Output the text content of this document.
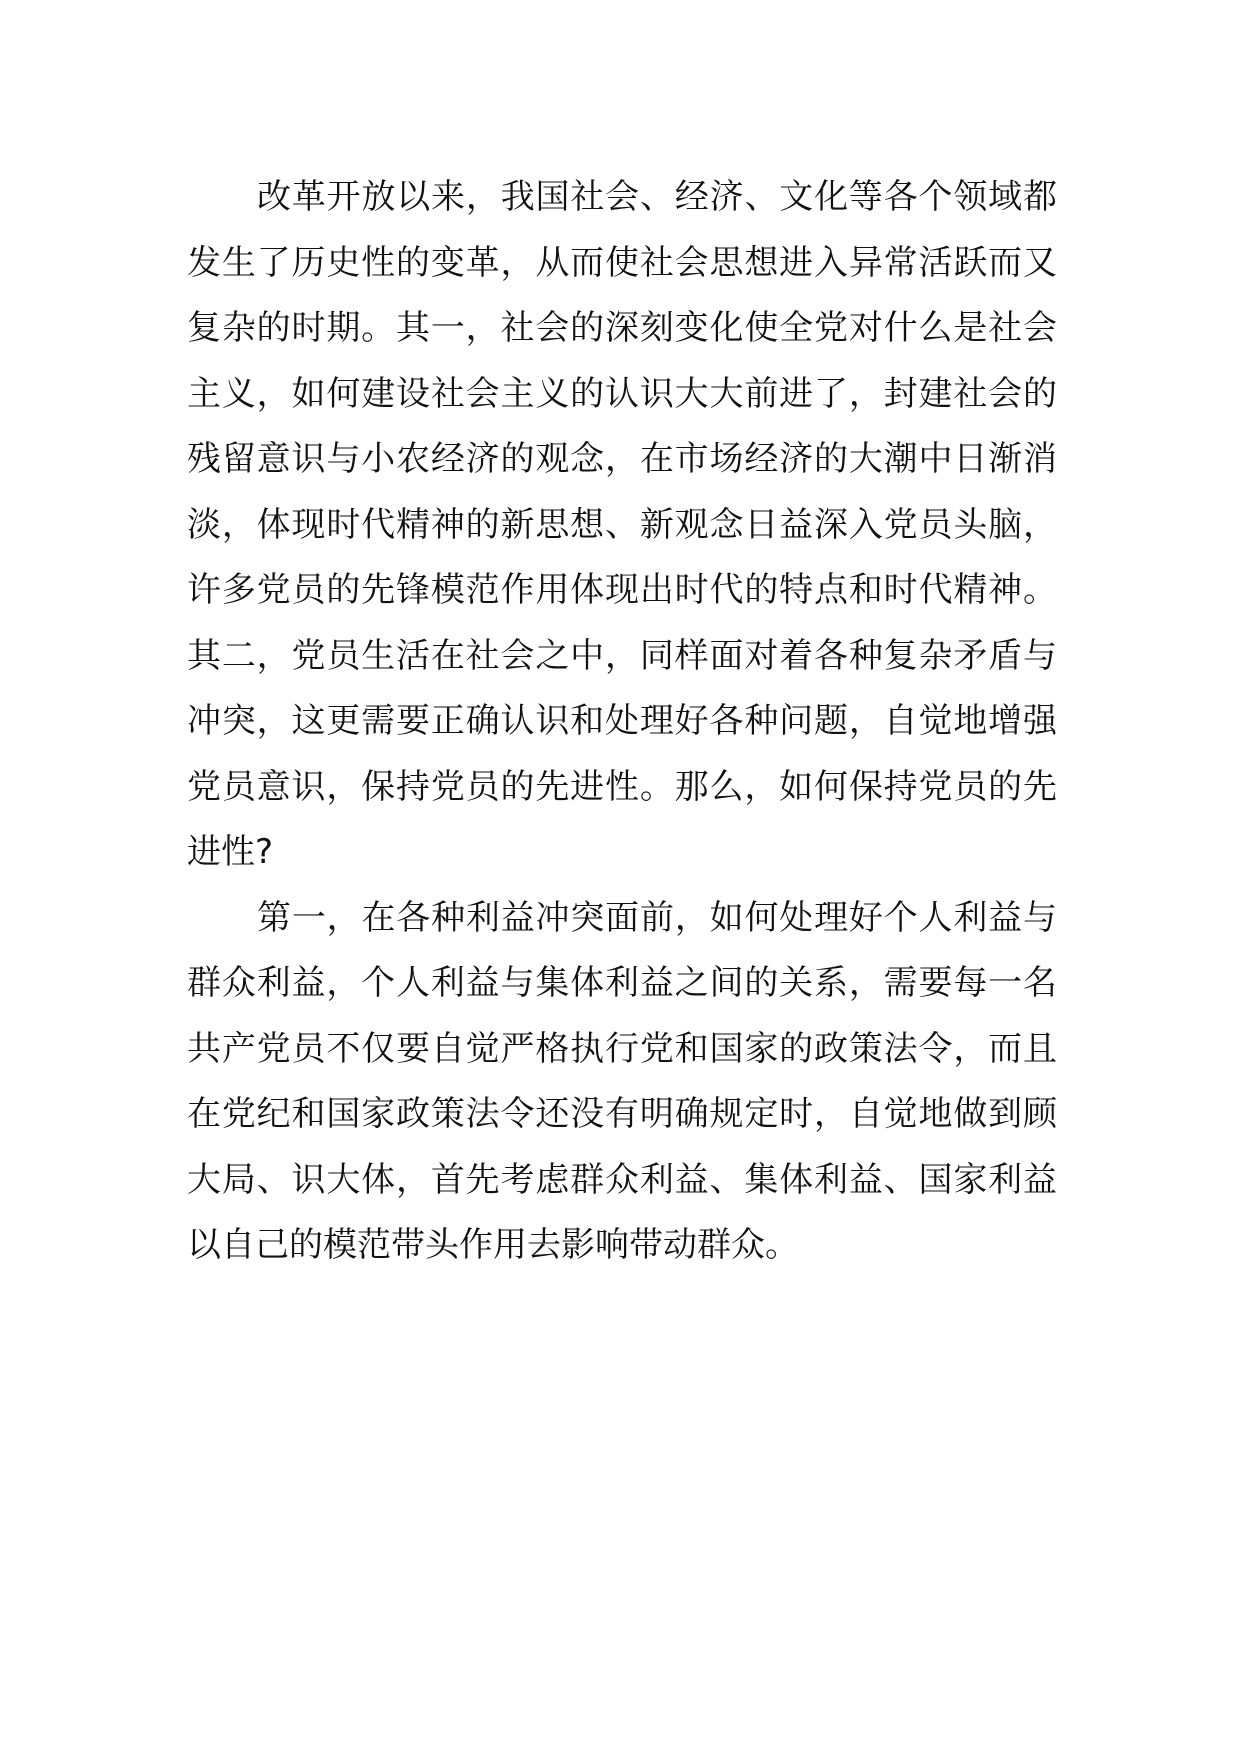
改革开放以来，我国社会、经济、文化等各个领域都
发生了历史性的变革，从而使社会思想进入异常活跃而又
复杂的时期。其一，社会的深刻变化使全党对什么是社会
主义，如何建设社会主义的认识大大前进了，封建社会的
残留意识与小农经济的观念，在市场经济的大潮中日渐消
淡，体现时代精神的新思想、新观念日益深入党员头脑，
许多党员的先锋模范作用体现出时代的特点和时代精神。
其二，党员生活在社会之中，同样面对着各种复杂矛盾与
冲突，这更需要正确认识和处理好各种问题，自觉地增强
党员意识，保持党员的先进性。那么，如何保持党员的先
进性?
第一，在各种利益冲突面前，如何处理好个人利益与
群众利益，个人利益与集体利益之间的关系，需要每一名
共产党员不仅要自觉严格执行党和国家的政策法令，而且
在党纪和国家政策法令还没有明确规定时，自觉地做到顾
大局、识大体，首先考虑群众利益、集体利益、国家利益
以自己的模范带头作用去影响带动群众。
